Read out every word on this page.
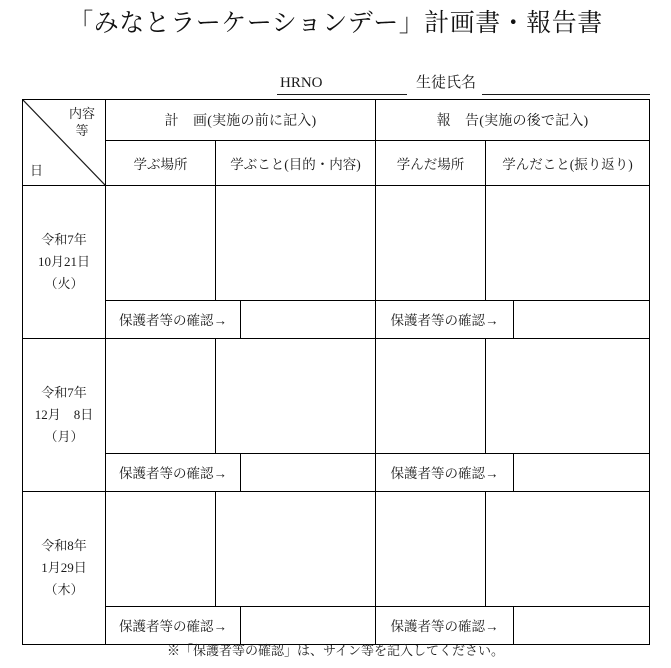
「みなとラーケーションデー」計画書・報告書
HRNO	生徒氏名
内容
等
日	計　画(実施の前に記入)			報　告(実施の後で記入)		
	学ぶ場所	学ぶこと(目的・内容)		学んだ場所	学んだこと(振り返り)	

令和7年
10月21日
（火）						

	保護者等の確認→			保護者等の確認→		

令和7年
12月　8日
（月）						

	保護者等の確認→			保護者等の確認→		

令和8年
1月29日
（木）						

	保護者等の確認→			保護者等の確認→		
※「保護者等の確認」は、サイン等を記入してください。
